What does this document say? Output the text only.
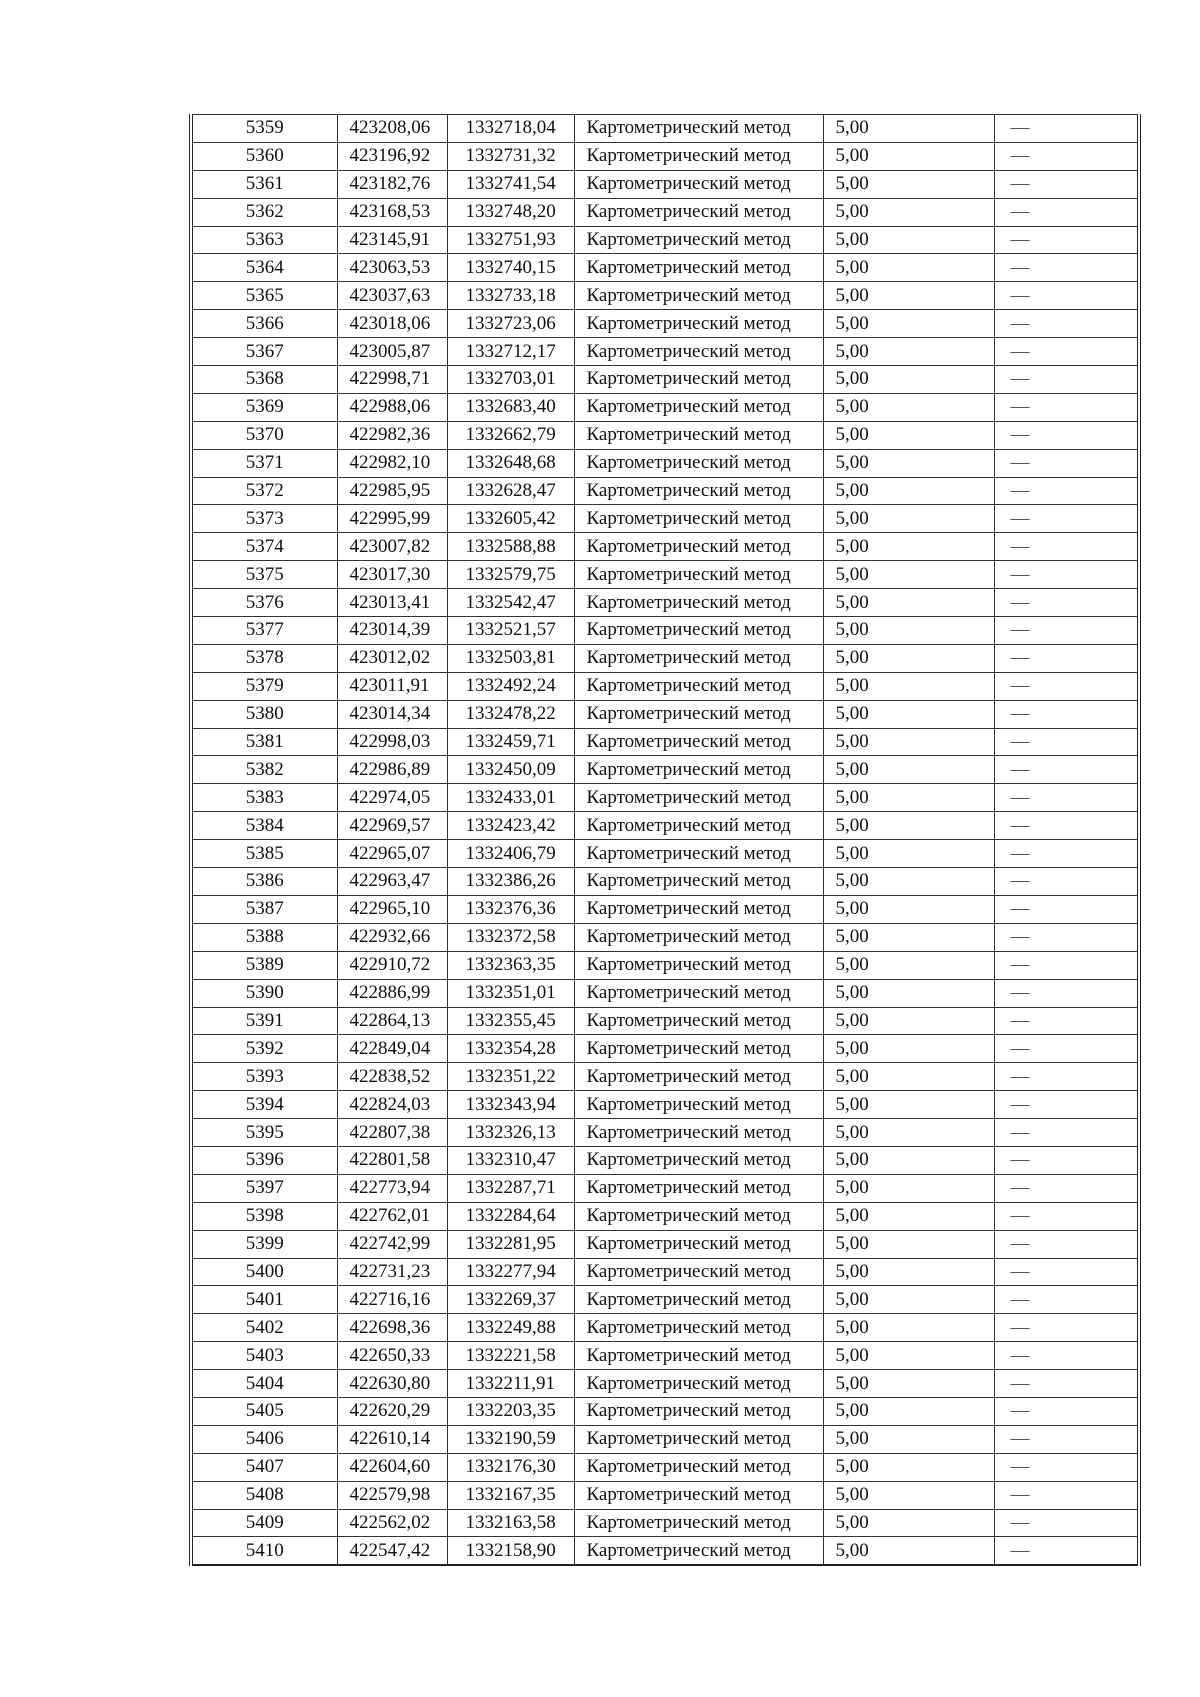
5359	423208,06	1332718,04	Картометрический метод	5,00	—
5360	423196,92	1332731,32	Картометрический метод	5,00	—
5361	423182,76	1332741,54	Картометрический метод	5,00	—
5362	423168,53	1332748,20	Картометрический метод	5,00	—
5363	423145,91	1332751,93	Картометрический метод	5,00	—
5364	423063,53	1332740,15	Картометрический метод	5,00	—
5365	423037,63	1332733,18	Картометрический метод	5,00	—
5366	423018,06	1332723,06	Картометрический метод	5,00	—
5367	423005,87	1332712,17	Картометрический метод	5,00	—
5368	422998,71	1332703,01	Картометрический метод	5,00	—
5369	422988,06	1332683,40	Картометрический метод	5,00	—
5370	422982,36	1332662,79	Картометрический метод	5,00	—
5371	422982,10	1332648,68	Картометрический метод	5,00	—
5372	422985,95	1332628,47	Картометрический метод	5,00	—
5373	422995,99	1332605,42	Картометрический метод	5,00	—
5374	423007,82	1332588,88	Картометрический метод	5,00	—
5375	423017,30	1332579,75	Картометрический метод	5,00	—
5376	423013,41	1332542,47	Картометрический метод	5,00	—
5377	423014,39	1332521,57	Картометрический метод	5,00	—
5378	423012,02	1332503,81	Картометрический метод	5,00	—
5379	423011,91	1332492,24	Картометрический метод	5,00	—
5380	423014,34	1332478,22	Картометрический метод	5,00	—
5381	422998,03	1332459,71	Картометрический метод	5,00	—
5382	422986,89	1332450,09	Картометрический метод	5,00	—
5383	422974,05	1332433,01	Картометрический метод	5,00	—
5384	422969,57	1332423,42	Картометрический метод	5,00	—
5385	422965,07	1332406,79	Картометрический метод	5,00	—
5386	422963,47	1332386,26	Картометрический метод	5,00	—
5387	422965,10	1332376,36	Картометрический метод	5,00	—
5388	422932,66	1332372,58	Картометрический метод	5,00	—
5389	422910,72	1332363,35	Картометрический метод	5,00	—
5390	422886,99	1332351,01	Картометрический метод	5,00	—
5391	422864,13	1332355,45	Картометрический метод	5,00	—
5392	422849,04	1332354,28	Картометрический метод	5,00	—
5393	422838,52	1332351,22	Картометрический метод	5,00	—
5394	422824,03	1332343,94	Картометрический метод	5,00	—
5395	422807,38	1332326,13	Картометрический метод	5,00	—
5396	422801,58	1332310,47	Картометрический метод	5,00	—
5397	422773,94	1332287,71	Картометрический метод	5,00	—
5398	422762,01	1332284,64	Картометрический метод	5,00	—
5399	422742,99	1332281,95	Картометрический метод	5,00	—
5400	422731,23	1332277,94	Картометрический метод	5,00	—
5401	422716,16	1332269,37	Картометрический метод	5,00	—
5402	422698,36	1332249,88	Картометрический метод	5,00	—
5403	422650,33	1332221,58	Картометрический метод	5,00	—
5404	422630,80	1332211,91	Картометрический метод	5,00	—
5405	422620,29	1332203,35	Картометрический метод	5,00	—
5406	422610,14	1332190,59	Картометрический метод	5,00	—
5407	422604,60	1332176,30	Картометрический метод	5,00	—
5408	422579,98	1332167,35	Картометрический метод	5,00	—
5409	422562,02	1332163,58	Картометрический метод	5,00	—
5410	422547,42	1332158,90	Картометрический метод	5,00	—
